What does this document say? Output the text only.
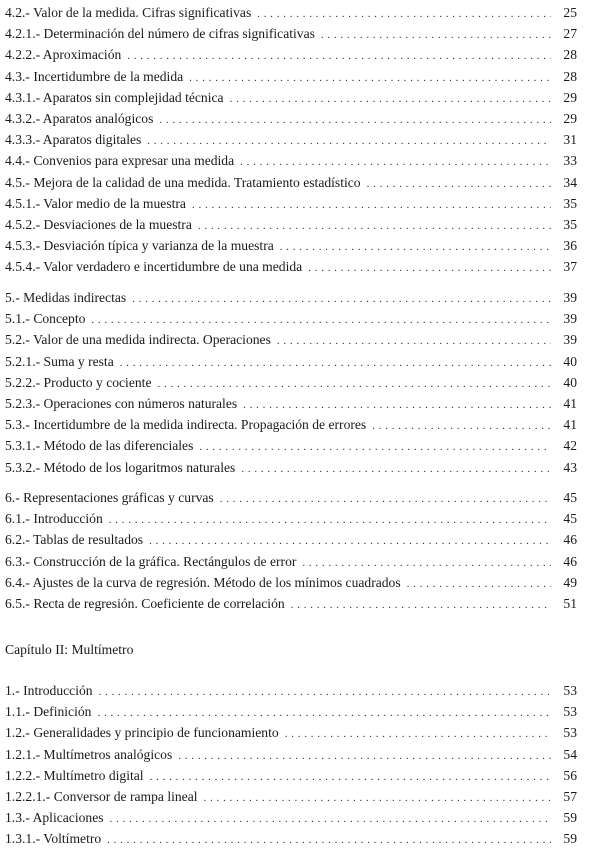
4.2.- Valor de la medida. Cifras significativas . . .	25
4.2.1.- Determinación del número de cifras significativas . . .	27
4.2.2.- Aproximación . . .	28
4.3.- Incertidumbre de la medida . . .	28
4.3.1.- Aparatos sin complejidad técnica . . .	29
4.3.2.- Aparatos analógicos . . .	29
4.3.3.- Aparatos digitales . . .	31
4.4.- Convenios para expresar una medida . . .	33
4.5.- Mejora de la calidad de una medida. Tratamiento estadístico . . .	34
4.5.1.- Valor medio de la muestra . . .	35
4.5.2.- Desviaciones de la muestra . . .	35
4.5.3.- Desviación típica y varianza de la muestra . . .	36
4.5.4.- Valor verdadero e incertidumbre de una medida . . .	37
5.- Medidas indirectas . . .	39
5.1.- Concepto . . .	39
5.2.- Valor de una medida indirecta. Operaciones . . .	39
5.2.1.- Suma y resta . . .	40
5.2.2.- Producto y cociente . . .	40
5.2.3.- Operaciones con números naturales . . .	41
5.3.- Incertidumbre de la medida indirecta. Propagación de errores . . .	41
5.3.1.- Método de las diferenciales . . .	42
5.3.2.- Método de los logaritmos naturales . . .	43
6.- Representaciones gráficas y curvas . . .	45
6.1.- Introducción . . .	45
6.2.- Tablas de resultados . . .	46
6.3.- Construcción de la gráfica. Rectángulos de error . . .	46
6.4.- Ajustes de la curva de regresión. Método de los mínimos cuadrados . . .	49
6.5.- Recta de regresión. Coeficiente de correlación . . .	51
Capítulo II: Multímetro
1.- Introducción . . .	53
1.1.- Definición . . .	53
1.2.- Generalidades y principio de funcionamiento . . .	53
1.2.1.- Multímetros analógicos . . .	54
1.2.2.- Multímetro digital . . .	56
1.2.2.1.- Conversor de rampa lineal . . .	57
1.3.- Aplicaciones . . .	59
1.3.1.- Voltímetro . . .	59
